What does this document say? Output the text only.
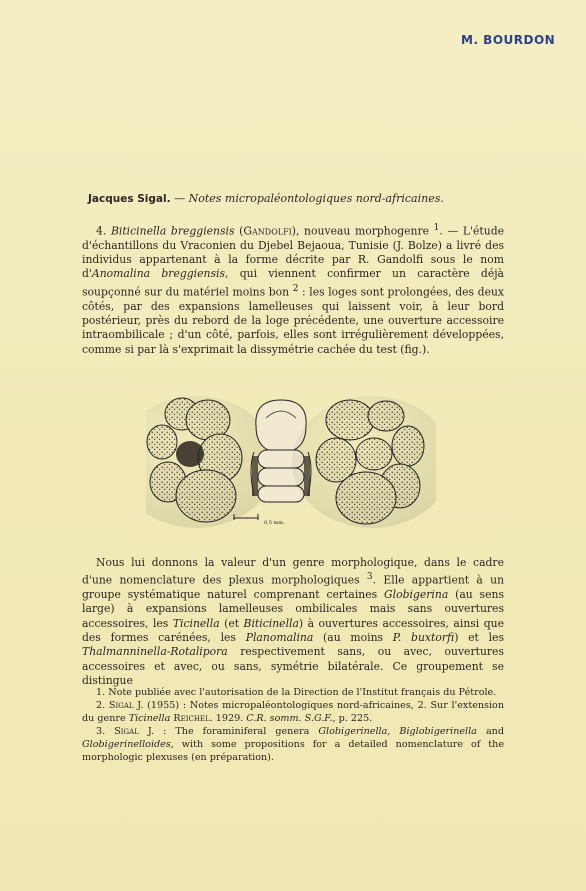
M. BOURDON
Jacques Sigal. — Notes micropaléontologiques nord-africaines.
4. Biticinella breggiensis (Gandolfi), nouveau morphogenre $^1$. — L'étude d'échantillons du Vraconien du Djebel Bejaoua, Tunisie (J. Bolze) a livré des individus appartenant à la forme décrite par R. Gandolfi sous le nom d'Anomalina breggiensis, qui viennent confirmer un caractère déjà soupçonné sur du matériel moins bon $^2$ : les loges sont prolongées, des deux côtés, par des expansions lamelleuses qui laissent voir, à leur bord postérieur, près du rebord de la loge précédente, une ouverture accessoire intraombilicale ; d'un côté, parfois, elles sont irrégulièrement développées, comme si par là s'exprimait la dissymétrie cachée du test (fig.).
0,5 mm.
Nous lui donnons la valeur d'un genre morphologique, dans le cadre d'une nomenclature des plexus morphologiques $^3$. Elle appartient à un groupe systématique naturel comprenant certaines Globigerina (au sens large) à expansions lamelleuses ombilicales mais sans ouvertures accessoires, les Ticinella (et Biticinella) à ouvertures accessoires, ainsi que des formes carénées, les Planomalina (au moins P. buxtorfi) et les Thalmanninella-Rotalipora respectivement sans, ou avec, ouvertures accessoires et avec, ou sans, symétrie bilatérale. Ce groupement se distingue

1. Note publiée avec l'autorisation de la Direction de l'Institut français du Pétrole.

2. Sigal J. (1955) : Notes micropaléontologiques nord-africaines, 2. Sur l'extension du genre Ticinella Reichel. 1929. C.R. somm. S.G.F., p. 225.

3. Sigal J. : The foraminiferal genera Globigerinella, Biglobigerinella and Globigerinelloides, with some propositions for a detailed nomenclature of the morphologic plexuses (en préparation).
